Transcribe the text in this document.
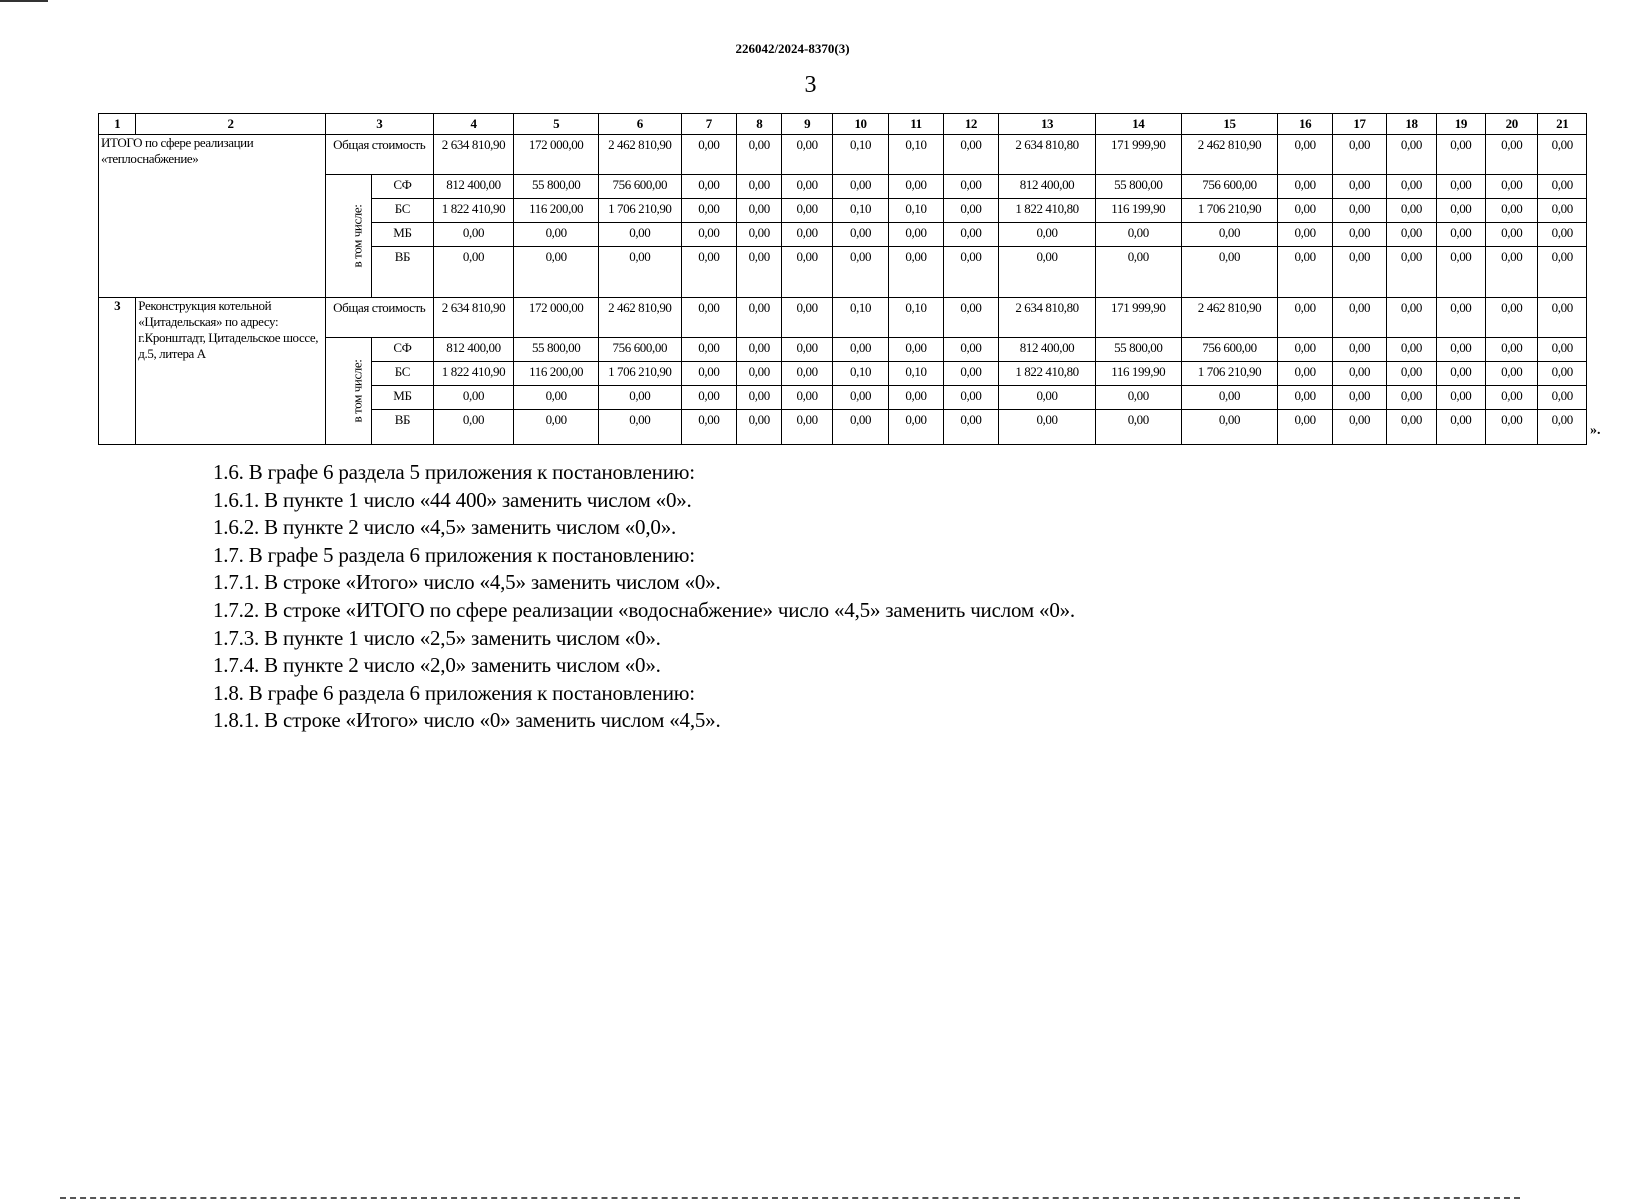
226042/2024-8370(3)
3
1	2	3		4	5	6	7	8	9	10	11	12	13	14	15	16	17	18	19	20	21
ИТОГО по сфере реализации «теплоснабжение»		Общая стоимость		2 634 810,90	172 000,00	2 462 810,90	0,00	0,00	0,00	0,10	0,10	0,00	2 634 810,80	171 999,90	2 462 810,90	0,00	0,00	0,00	0,00	0,00	0,00
		в том числе:	СФ	812 400,00	55 800,00	756 600,00	0,00	0,00	0,00	0,00	0,00	0,00	812 400,00	55 800,00	756 600,00	0,00	0,00	0,00	0,00	0,00	0,00
			БС	1 822 410,90	116 200,00	1 706 210,90	0,00	0,00	0,00	0,10	0,10	0,00	1 822 410,80	116 199,90	1 706 210,90	0,00	0,00	0,00	0,00	0,00	0,00
			МБ	0,00	0,00	0,00	0,00	0,00	0,00	0,00	0,00	0,00	0,00	0,00	0,00	0,00	0,00	0,00	0,00	0,00	0,00
			ВБ	0,00	0,00	0,00	0,00	0,00	0,00	0,00	0,00	0,00	0,00	0,00	0,00	0,00	0,00	0,00	0,00	0,00	0,00
3	Реконструкция котельной «Цитадельская» по адресу: г.Кронштадт, Цитадельское шоссе, д.5, литера А	Общая стоимость		2 634 810,90	172 000,00	2 462 810,90	0,00	0,00	0,00	0,10	0,10	0,00	2 634 810,80	171 999,90	2 462 810,90	0,00	0,00	0,00	0,00	0,00	0,00
		в том числе:	СФ	812 400,00	55 800,00	756 600,00	0,00	0,00	0,00	0,00	0,00	0,00	812 400,00	55 800,00	756 600,00	0,00	0,00	0,00	0,00	0,00	0,00
			БС	1 822 410,90	116 200,00	1 706 210,90	0,00	0,00	0,00	0,10	0,10	0,00	1 822 410,80	116 199,90	1 706 210,90	0,00	0,00	0,00	0,00	0,00	0,00
			МБ	0,00	0,00	0,00	0,00	0,00	0,00	0,00	0,00	0,00	0,00	0,00	0,00	0,00	0,00	0,00	0,00	0,00	0,00
			ВБ	0,00	0,00	0,00	0,00	0,00	0,00	0,00	0,00	0,00	0,00	0,00	0,00	0,00	0,00	0,00	0,00	0,00	0,00
».

1.6. В графе 6 раздела 5 приложения к постановлению:

1.6.1. В пункте 1 число «44 400» заменить числом «0».

1.6.2. В пункте 2 число «4,5» заменить числом «0,0».

1.7. В графе 5 раздела 6 приложения к постановлению:

1.7.1. В строке «Итого» число «4,5» заменить числом «0».

1.7.2. В строке «ИТОГО по сфере реализации «водоснабжение» число «4,5» заменить числом «0».

1.7.3. В пункте 1 число «2,5» заменить числом «0».

1.7.4. В пункте 2 число «2,0» заменить числом «0».

1.8. В графе 6 раздела 6 приложения к постановлению:

1.8.1. В строке «Итого» число «0» заменить числом «4,5».
